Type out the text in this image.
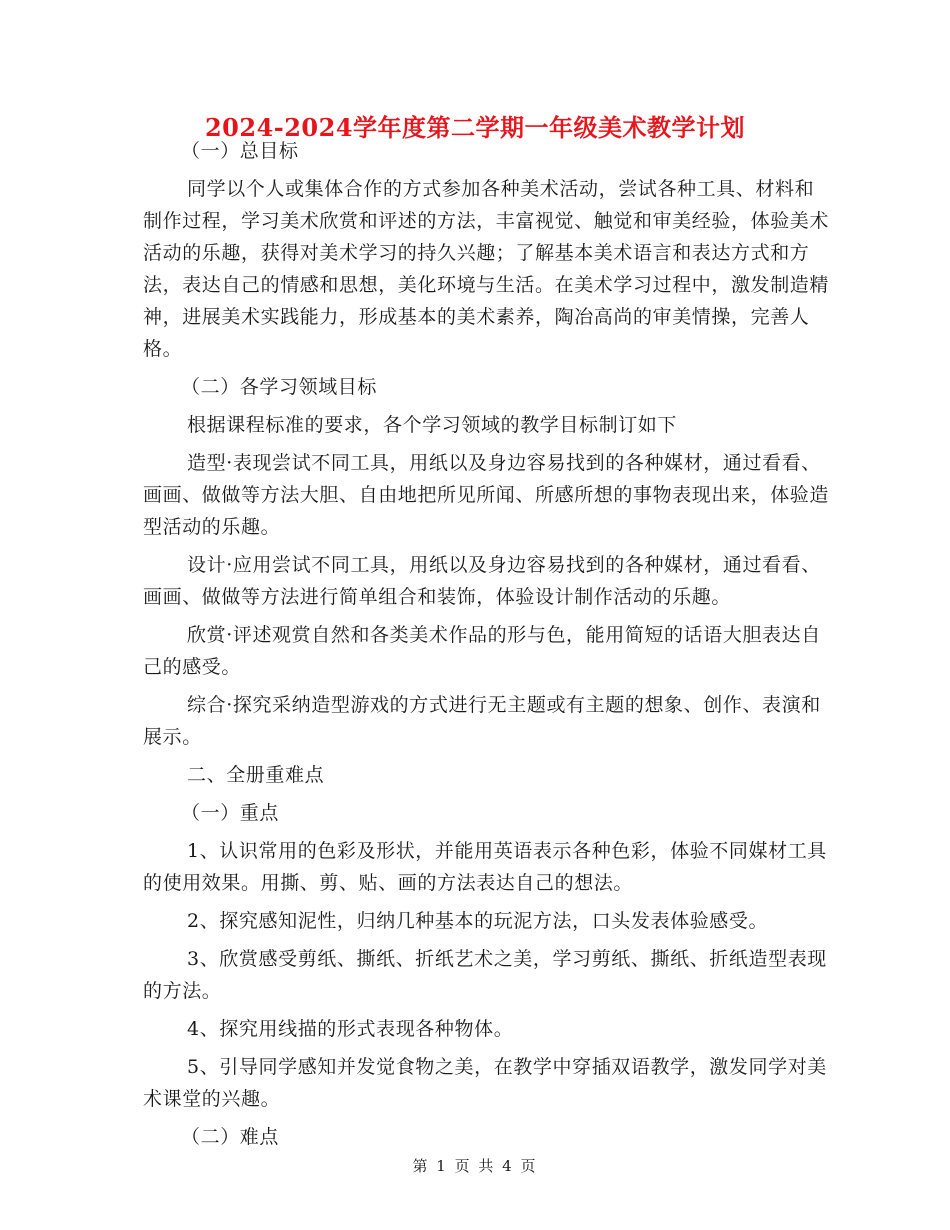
2024-2024学年度第二学期一年级美术教学计划

（一）总目标

同学以个人或集体合作的方式参加各种美术活动，尝试各种工具、材料和制作过程，学习美术欣赏和评述的方法，丰富视觉、触觉和审美经验，体验美术活动的乐趣，获得对美术学习的持久兴趣；了解基本美术语言和表达方式和方法，表达自己的情感和思想，美化环境与生活。在美术学习过程中，激发制造精神，进展美术实践能力，形成基本的美术素养，陶冶高尚的审美情操，完善人格。

（二）各学习领域目标

根据课程标准的要求，各个学习领域的教学目标制订如下

造型·表现尝试不同工具，用纸以及身边容易找到的各种媒材，通过看看、画画、做做等方法大胆、自由地把所见所闻、所感所想的事物表现出来，体验造型活动的乐趣。

设计·应用尝试不同工具，用纸以及身边容易找到的各种媒材，通过看看、画画、做做等方法进行简单组合和装饰，体验设计制作活动的乐趣。

欣赏·评述观赏自然和各类美术作品的形与色，能用简短的话语大胆表达自己的感受。

综合·探究采纳造型游戏的方式进行无主题或有主题的想象、创作、表演和展示。

二、全册重难点

（一）重点

1、认识常用的色彩及形状，并能用英语表示各种色彩，体验不同媒材工具的使用效果。用撕、剪、贴、画的方法表达自己的想法。

2、探究感知泥性，归纳几种基本的玩泥方法，口头发表体验感受。

3、欣赏感受剪纸、撕纸、折纸艺术之美，学习剪纸、撕纸、折纸造型表现的方法。

4、探究用线描的形式表现各种物体。

5、引导同学感知并发觉食物之美，在教学中穿插双语教学，激发同学对美术课堂的兴趣。

（二）难点

第 1 页 共 4 页
